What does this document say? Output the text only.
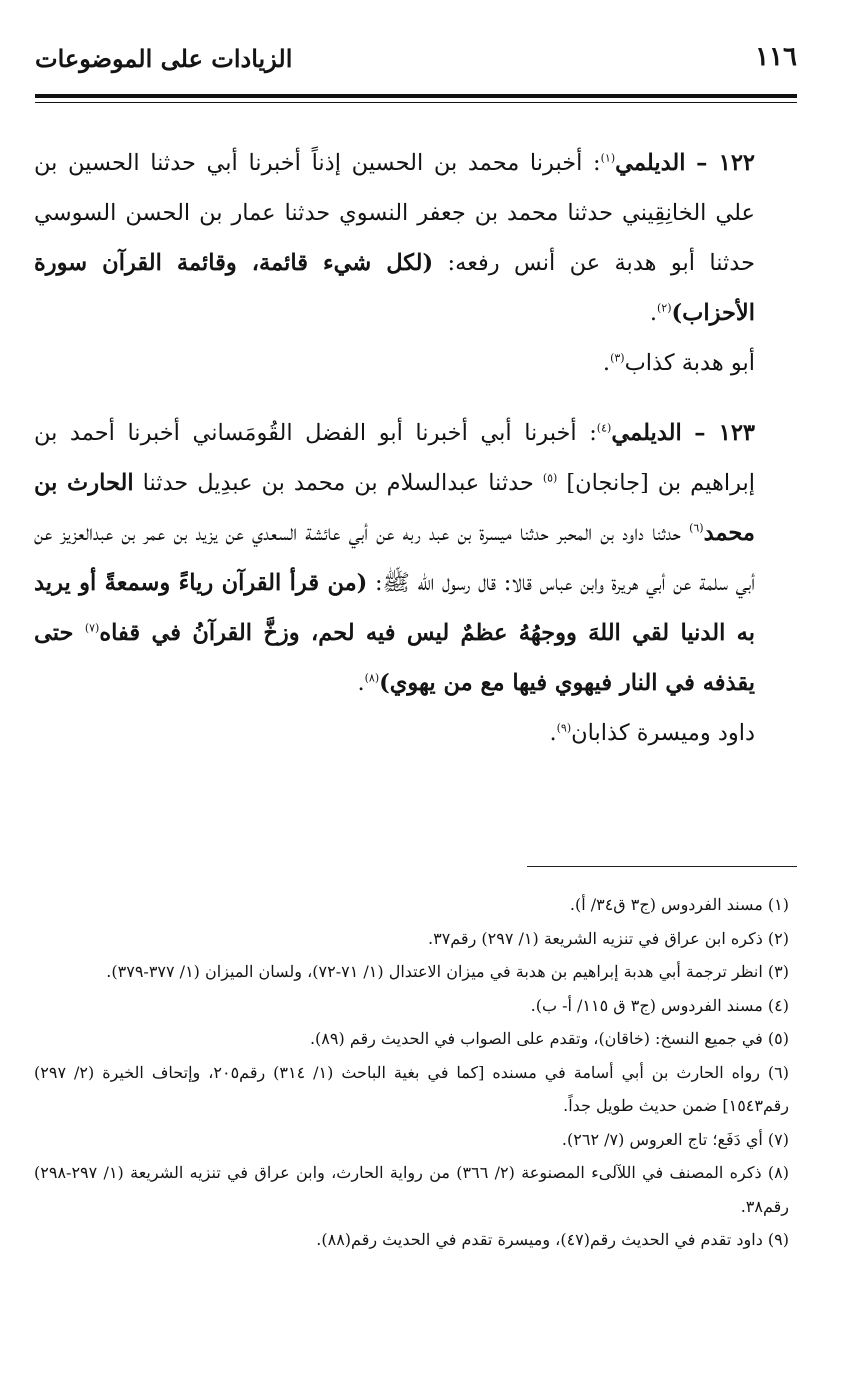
١١٦
الزيادات على الموضوعات

١٢٢ – الديلمي$^{(١)}$: أخبرنا محمد بن الحسين إذناً أخبرنا أبي حدثنا الحسين بن علي الخانِقِيني حدثنا محمد بن جعفر النسوي حدثنا عمار بن الحسن السوسي حدثنا أبو هدبة عن أنس رفعه: (لكل شيء قائمة، وقائمة القرآن سورة الأحزاب)$^{(٢)}$.

أبو هدبة كذاب$^{(٣)}$.

١٢٣ – الديلمي$^{(٤)}$: أخبرنا أبي أخبرنا أبو الفضل القُومَساني أخبرنا أحمد بن إبراهيم بن [جانجان] $^{(٥)}$ حدثنا عبدالسلام بن محمد بن عبدِيل حدثنا الحارث بن محمد$^{(٦)}$ حدثنا داود بن المحبر حدثنا ميسرة بن عبد ربه عن أبي عائشة السعدي عن يزيد بن عمر بن عبدالعزيز عن أبي سلمة عن أبي هريرة وابن عباس قالا: قال رسول الله ﷺ: (من قرأ القرآن رياءً وسمعةً أو يريد به الدنيا لقي اللهَ ووجهُهُ عظمٌ ليس فيه لحم، وزخَّ القرآنُ في قفاه$^{(٧)}$ حتى يقذفه في النار فيهوي فيها مع من يهوي)$^{(٨)}$.

داود وميسرة كذابان$^{(٩)}$.

(١) مسند الفردوس (ج٣ ق٣٤/ أ).

(٢) ذكره ابن عراق في تنزيه الشريعة (١/ ٢٩٧) رقم٣٧.

(٣) انظر ترجمة أبي هدبة إبراهيم بن هدبة في ميزان الاعتدال (١/ ٧١-٧٢)، ولسان الميزان (١/ ٣٧٧-٣٧٩).

(٤) مسند الفردوس (ج٣ ق ١١٥/ أ- ب).

(٥) في جميع النسخ: (خاقان)، وتقدم على الصواب في الحديث رقم (٨٩).

(٦) رواه الحارث بن أبي أسامة في مسنده [كما في بغية الباحث (١/ ٣١٤) رقم٢٠٥، وإتحاف الخيرة (٢/ ٢٩٧) رقم١٥٤٣] ضمن حديث طويل جداً.

(٧) أي دَفَع؛ تاج العروس (٧/ ٢٦٢).

(٨) ذكره المصنف في اللآلىء المصنوعة (٢/ ٣٦٦) من رواية الحارث، وابن عراق في تنزيه الشريعة (١/ ٢٩٧-٢٩٨) رقم٣٨.

(٩) داود تقدم في الحديث رقم(٤٧)، وميسرة تقدم في الحديث رقم(٨٨).
